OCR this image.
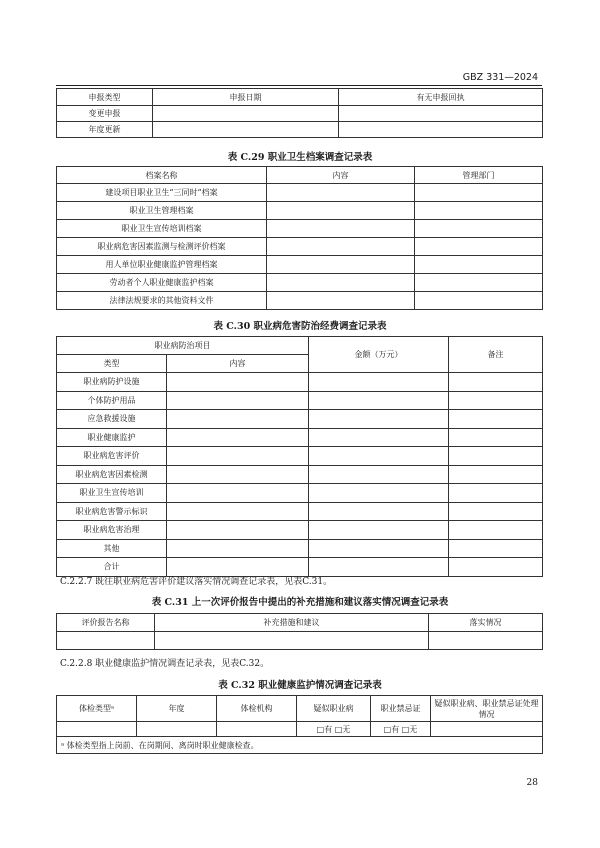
GBZ 331—2024
申报类型	申报日期	有无申报回执
变更申报		
年度更新		
表 C.29 职业卫生档案调查记录表
档案名称	内容	管理部门
建设项目职业卫生“三同时”档案		
职业卫生管理档案		
职业卫生宣传培训档案		
职业病危害因素监测与检测评价档案		
用人单位职业健康监护管理档案		
劳动者个人职业健康监护档案		
法律法规要求的其他资料文件		
表 C.30 职业病危害防治经费调查记录表
职业病防治项目		金额（万元）	备注
类型	内容		
职业病防护设施			
个体防护用品			
应急救援设施			
职业健康监护			
职业病危害评价			
职业病危害因素检测			
职业卫生宣传培训			
职业病危害警示标识			
职业病危害治理			
其他			
合计			
C.2.2.7 既往职业病危害评价建议落实情况调查记录表，见表C.31。
表 C.31 上一次评价报告中提出的补充措施和建议落实情况调查记录表
评价报告名称	补充措施和建议	落实情况

C.2.2.8 职业健康监护情况调查记录表，见表C.32。
表 C.32 职业健康监护情况调查记录表
体检类型ᵃ	年度	体检机构	疑似职业病	职业禁忌证	疑似职业病、职业禁忌证处理情况
			□有 □无	□有 □无	
ᵃ 体检类型指上岗前、在岗期间、离岗时职业健康检查。					
28
